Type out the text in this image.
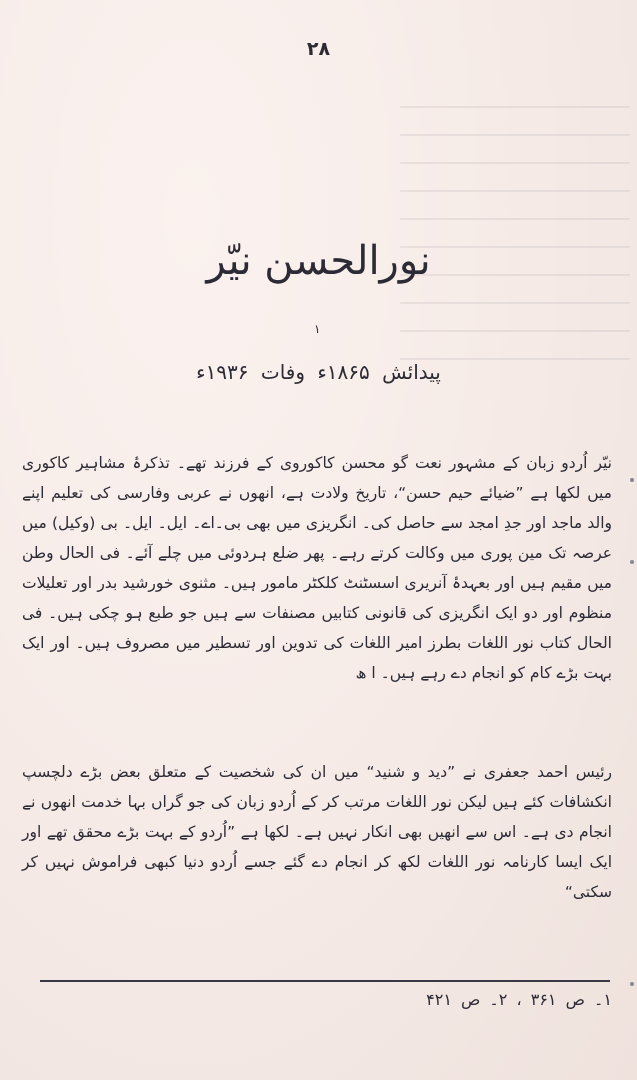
۲۸
نورالحسن نیّر
۱
پیدائش ۱۸۶۵ء وفات ۱۹۳۶ء

نیّر اُردو زبان کے مشہور نعت گو محسن کاکوروی کے فرزند تھے۔ تذکرۂ مشاہیر کاکوری میں لکھا ہے ”ضیائے حیم حسن“، تاریخ ولادت ہے، انھوں نے عربی وفارسی کی تعلیم اپنے والد ماجد اور جدِ امجد سے حاصل کی۔ انگریزی میں بھی بی۔اے۔ ایل۔ ایل۔ بی (وکیل) میں عرصہ تک مین پوری میں وکالت کرتے رہے۔ پھر ضلع ہردوئی میں چلے آئے۔ فی الحال وطن میں مقیم ہیں اور بعہدۂ آنریری اسسٹنٹ کلکٹر مامور ہیں۔ مثنوی خورشید بدر اور تعلیلات منظوم اور دو ایک انگریزی کی قانونی کتابیں مصنفات سے ہیں جو طبع ہو چکی ہیں۔ فی الحال کتاب نور اللغات بطرز امیر اللغات کی تدوین اور تسطیر میں مصروف ہیں۔ اور ایک بہت بڑے کام کو انجام دے رہے ہیں۔ ا ھ

رئیس احمد جعفری نے ”دید و شنید“ میں ان کی شخصیت کے متعلق بعض بڑے دلچسپ انکشافات کئے ہیں لیکن نور اللغات مرتب کر کے اُردو زبان کی جو گراں بہا خدمت انھوں نے انجام دی ہے۔ اس سے انھیں بھی انکار نہیں ہے۔ لکھا ہے ”اُردو کے بہت بڑے محقق تھے اور ایک ایسا کارنامہ نور اللغات لکھ کر انجام دے گئے جسے اُردو دنیا کبھی فراموش نہیں کر سکتی“

۱۔ ص ۳۶۱ ، ۲۔ ص ۴۲۱
